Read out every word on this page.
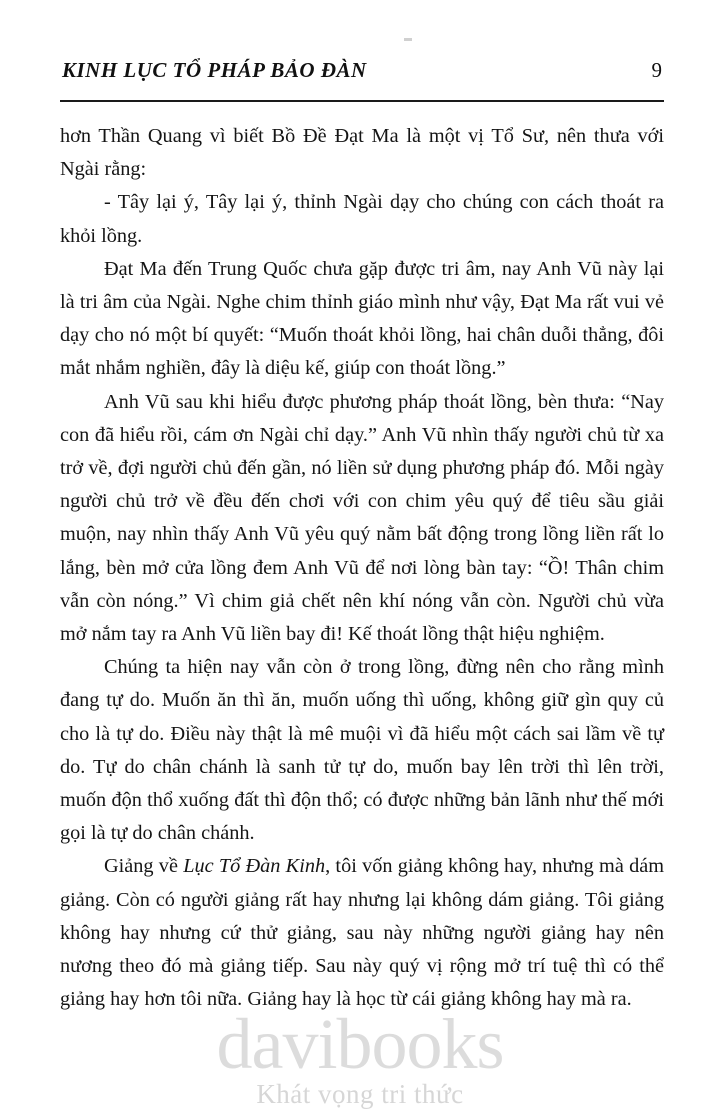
KINH LỤC TỔ PHÁP BẢO ĐÀN	9

hơn Thần Quang vì biết Bồ Đề Đạt Ma là một vị Tổ Sư, nên thưa với Ngài rằng:

- Tây lại ý, Tây lại ý, thỉnh Ngài dạy cho chúng con cách thoát ra khỏi lồng.

Đạt Ma đến Trung Quốc chưa gặp được tri âm, nay Anh Vũ này lại là tri âm của Ngài. Nghe chim thỉnh giáo mình như vậy, Đạt Ma rất vui vẻ dạy cho nó một bí quyết: “Muốn thoát khỏi lồng, hai chân duỗi thẳng, đôi mắt nhắm nghiền, đây là diệu kế, giúp con thoát lồng.”

Anh Vũ sau khi hiểu được phương pháp thoát lồng, bèn thưa: “Nay con đã hiểu rồi, cám ơn Ngài chỉ dạy.” Anh Vũ nhìn thấy người chủ từ xa trở về, đợi người chủ đến gần, nó liền sử dụng phương pháp đó. Mỗi ngày người chủ trở về đều đến chơi với con chim yêu quý để tiêu sầu giải muộn, nay nhìn thấy Anh Vũ yêu quý nằm bất động trong lồng liền rất lo lắng, bèn mở cửa lồng đem Anh Vũ để nơi lòng bàn tay: “Ồ! Thân chim vẫn còn nóng.” Vì chim giả chết nên khí nóng vẫn còn. Người chủ vừa mở nắm tay ra Anh Vũ liền bay đi! Kế thoát lồng thật hiệu nghiệm.

Chúng ta hiện nay vẫn còn ở trong lồng, đừng nên cho rằng mình đang tự do. Muốn ăn thì ăn, muốn uống thì uống, không giữ gìn quy củ cho là tự do. Điều này thật là mê muội vì đã hiểu một cách sai lầm về tự do. Tự do chân chánh là sanh tử tự do, muốn bay lên trời thì lên trời, muốn độn thổ xuống đất thì độn thổ; có được những bản lãnh như thế mới gọi là tự do chân chánh.

Giảng về Lục Tổ Đàn Kinh, tôi vốn giảng không hay, nhưng mà dám giảng. Còn có người giảng rất hay nhưng lại không dám giảng. Tôi giảng không hay nhưng cứ thử giảng, sau này những người giảng hay nên nương theo đó mà giảng tiếp. Sau này quý vị rộng mở trí tuệ thì có thể giảng hay hơn tôi nữa. Giảng hay là học từ cái giảng không hay mà ra.

davibooks
Khát vọng tri thức
